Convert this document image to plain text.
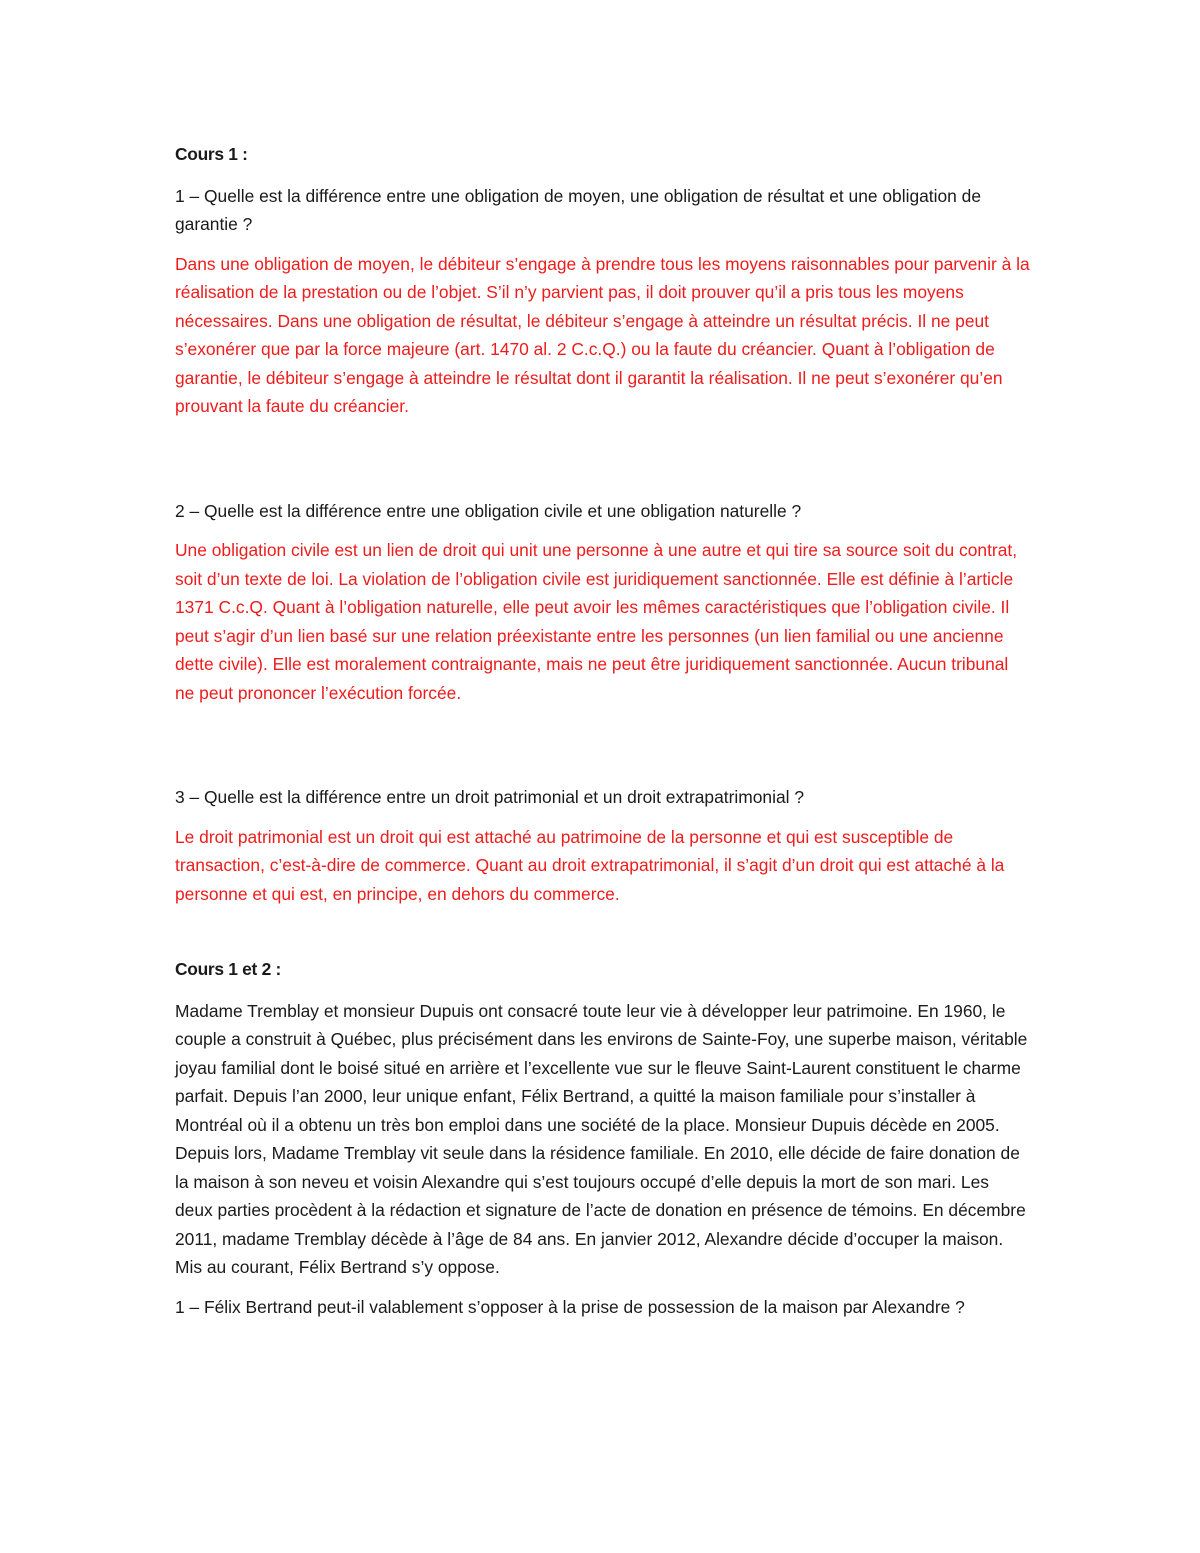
Cours 1 :

1 – Quelle est la différence entre une obligation de moyen, une obligation de résultat et une obligation de garantie ?

Dans une obligation de moyen, le débiteur s’engage à prendre tous les moyens raisonnables pour parvenir à la réalisation de la prestation ou de l’objet. S’il n’y parvient pas, il doit prouver qu’il a pris tous les moyens nécessaires. Dans une obligation de résultat, le débiteur s’engage à atteindre un résultat précis. Il ne peut s’exonérer que par la force majeure (art. 1470 al. 2 C.c.Q.) ou la faute du créancier. Quant à l’obligation de garantie, le débiteur s’engage à atteindre le résultat dont il garantit la réalisation. Il ne peut s’exonérer qu’en prouvant la faute du créancier.

2 – Quelle est la différence entre une obligation civile et une obligation naturelle ?

Une obligation civile est un lien de droit qui unit une personne à une autre et qui tire sa source soit du contrat, soit d’un texte de loi. La violation de l’obligation civile est juridiquement sanctionnée. Elle est définie à l’article 1371 C.c.Q. Quant à l’obligation naturelle, elle peut avoir les mêmes caractéristiques que l’obligation civile. Il peut s’agir d’un lien basé sur une relation préexistante entre les personnes (un lien familial ou une ancienne dette civile). Elle est moralement contraignante, mais ne peut être juridiquement sanctionnée. Aucun tribunal ne peut prononcer l’exécution forcée.

3 – Quelle est la différence entre un droit patrimonial et un droit extrapatrimonial ?

Le droit patrimonial est un droit qui est attaché au patrimoine de la personne et qui est susceptible de transaction, c’est-à-dire de commerce. Quant au droit extrapatrimonial, il s’agit d’un droit qui est attaché à la personne et qui est, en principe, en dehors du commerce.

Cours 1 et 2 :

Madame Tremblay et monsieur Dupuis ont consacré toute leur vie à développer leur patrimoine. En 1960, le couple a construit à Québec, plus précisément dans les environs de Sainte-Foy, une superbe maison, véritable joyau familial dont le boisé situé en arrière et l’excellente vue sur le fleuve Saint-Laurent constituent le charme parfait. Depuis l’an 2000, leur unique enfant, Félix Bertrand, a quitté la maison familiale pour s’installer à Montréal où il a obtenu un très bon emploi dans une société de la place. Monsieur Dupuis décède en 2005. Depuis lors, Madame Tremblay vit seule dans la résidence familiale. En 2010, elle décide de faire donation de la maison à son neveu et voisin Alexandre qui s’est toujours occupé d’elle depuis la mort de son mari. Les deux parties procèdent à la rédaction et signature de l’acte de donation en présence de témoins. En décembre 2011, madame Tremblay décède à l’âge de 84 ans. En janvier 2012, Alexandre décide d’occuper la maison. Mis au courant, Félix Bertrand s’y oppose.

1 – Félix Bertrand peut-il valablement s’opposer à la prise de possession de la maison par Alexandre ?
